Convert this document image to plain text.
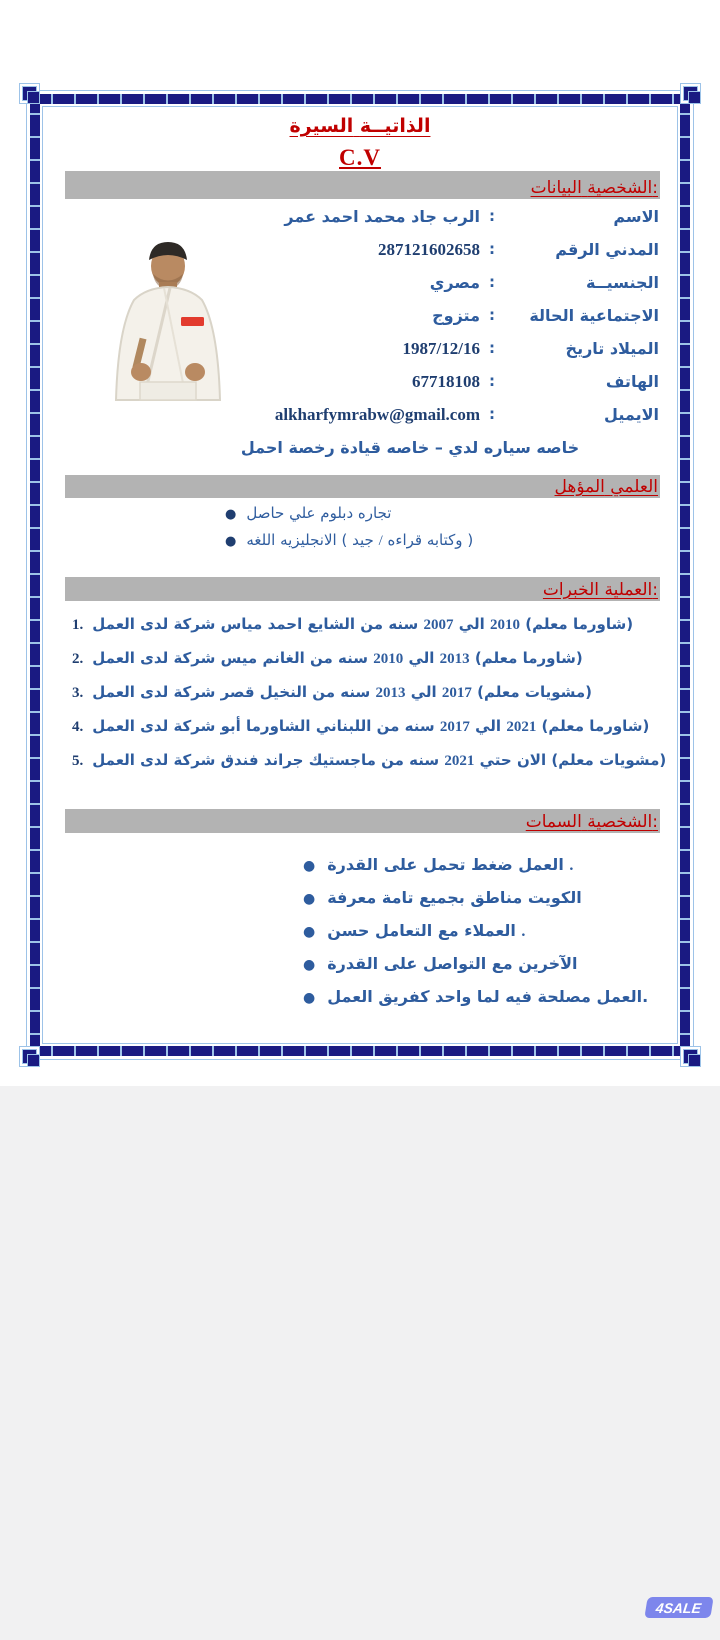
السيرة الذاتيــة
C.V
البيانات الشخصية:
الاسم
:
عمر احمد محمد جاد الرب
الرقم المدني
:
287121602658
الجنسيــة
:
مصري
الحالة الاجتماعية
:
متزوج
تاريخ الميلاد
:
1987/12/16
الهاتف
:
67718108
الايميل
:
alkharfymrabw@gmail.com
احمل رخصة قيادة خاصه – لدي سياره خاصه
المؤهل العلمي
● حاصل علي دبلوم تجاره
● اللغه الانجليزيه ( جيد / قراءه وكتابه )
الخبرات العملية:
1. العمل لدى شركة مياس احمد الشايع من سنه 2007 الي 2010 (معلم شاورما)
2. العمل لدى شركة ميس الغانم من سنه 2010 الي 2013 (معلم شاورما)
3. العمل لدى شركة قصر النخيل من سنه 2013 الي 2017 (معلم مشويات)
4. العمل لدى شركة أبو الشاورما اللبناني من سنه 2017 الي 2021 (معلم شاورما)
5. العمل لدى شركة فندق جراند ماجستيك من سنه 2021 حتي الان (معلم مشويات)
السمات الشخصية:
● القدرة على تحمل ضغط العمل .
● معرفة تامة بجميع مناطق الكويت
● حسن التعامل مع العملاء .
● القدرة على التواصل مع الآخرين
● العمل كفريق واحد لما فيه مصلحة العمل.
4SALE
